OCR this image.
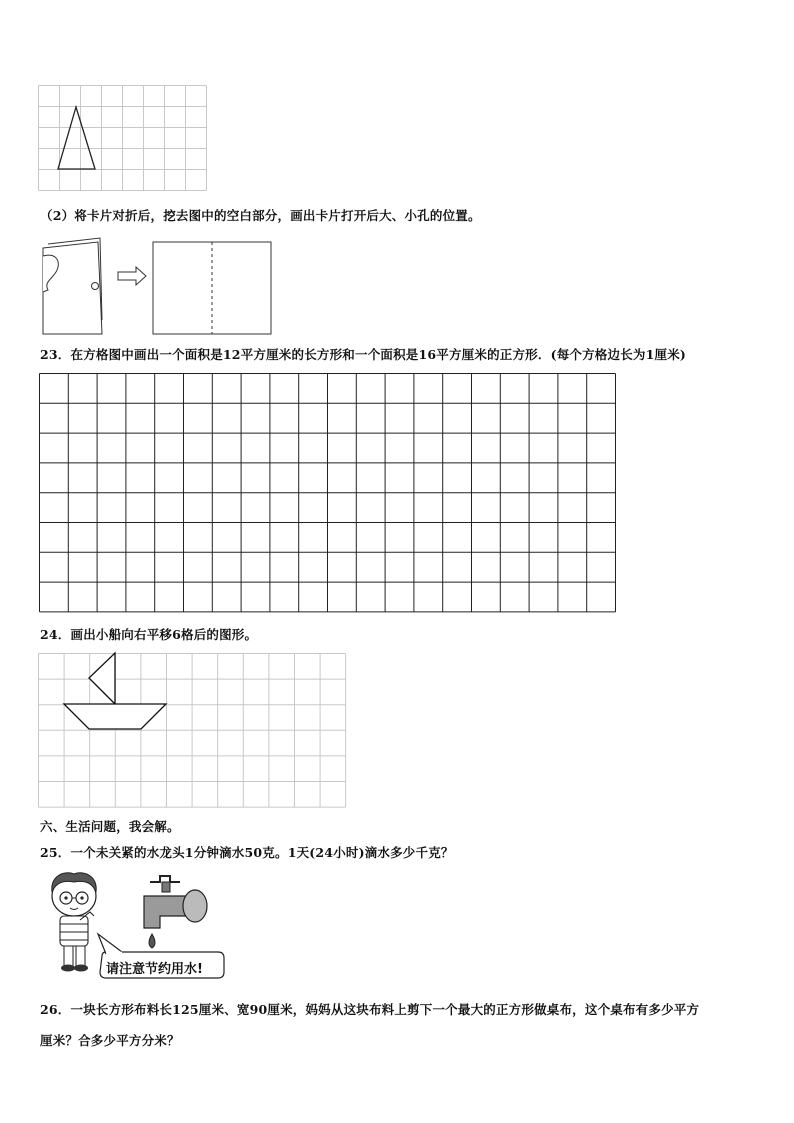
（2）将卡片对折后，挖去图中的空白部分，画出卡片打开后大、小孔的位置。
23．在方格图中画出一个面积是12平方厘米的长方形和一个面积是16平方厘米的正方形．(每个方格边长为1厘米)
24．画出小船向右平移6格后的图形。
六、生活问题，我会解。
25．一个未关紧的水龙头1分钟滴水50克。1天(24小时)滴水多少千克？
请注意节约用水!
26．一块长方形布料长125厘米、宽90厘米，妈妈从这块布料上剪下一个最大的正方形做桌布，这个桌布有多少平方
厘米？合多少平方分米？
